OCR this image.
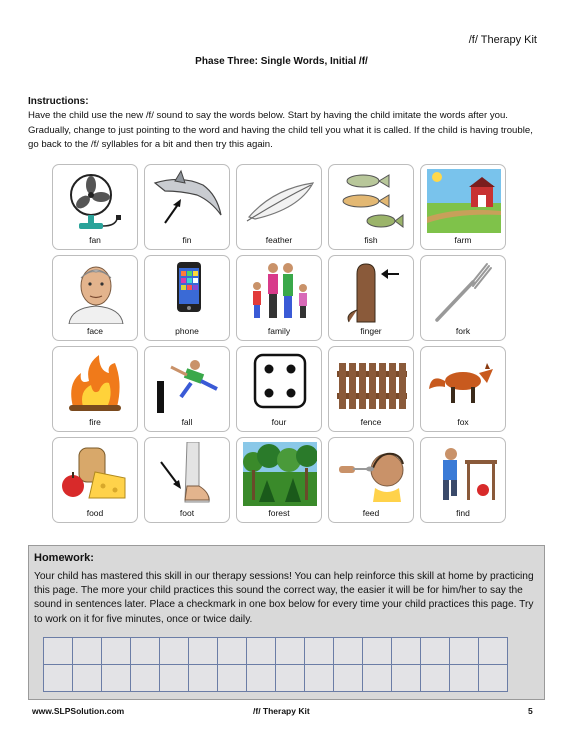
/f/ Therapy Kit
Phase Three: Single Words, Initial /f/
Instructions:

Have the child use the new /f/ sound to say the words below. Start by having the child imitate the words after you. Gradually, change to just pointing to the word and having the child tell you what it is called. If the child is having trouble, go back to the /f/ syllables for a bit and then try this again.

fan	fin	feather	fish	farm
face	phone	family	finger	fork
fire	fall	four	fence	fox
food	foot	forest	feed	find
Homework:

Your child has mastered this skill in our therapy sessions! You can help reinforce this skill at home by practicing this page. The more your child practices this sound the correct way, the easier it will be for him/her to say the sound in sentences later. Place a checkmark in one box below for every time your child practices this page. Try to work on it for five minutes, once or twice daily.

www.SLPSolution.com	/f/ Therapy Kit	5
